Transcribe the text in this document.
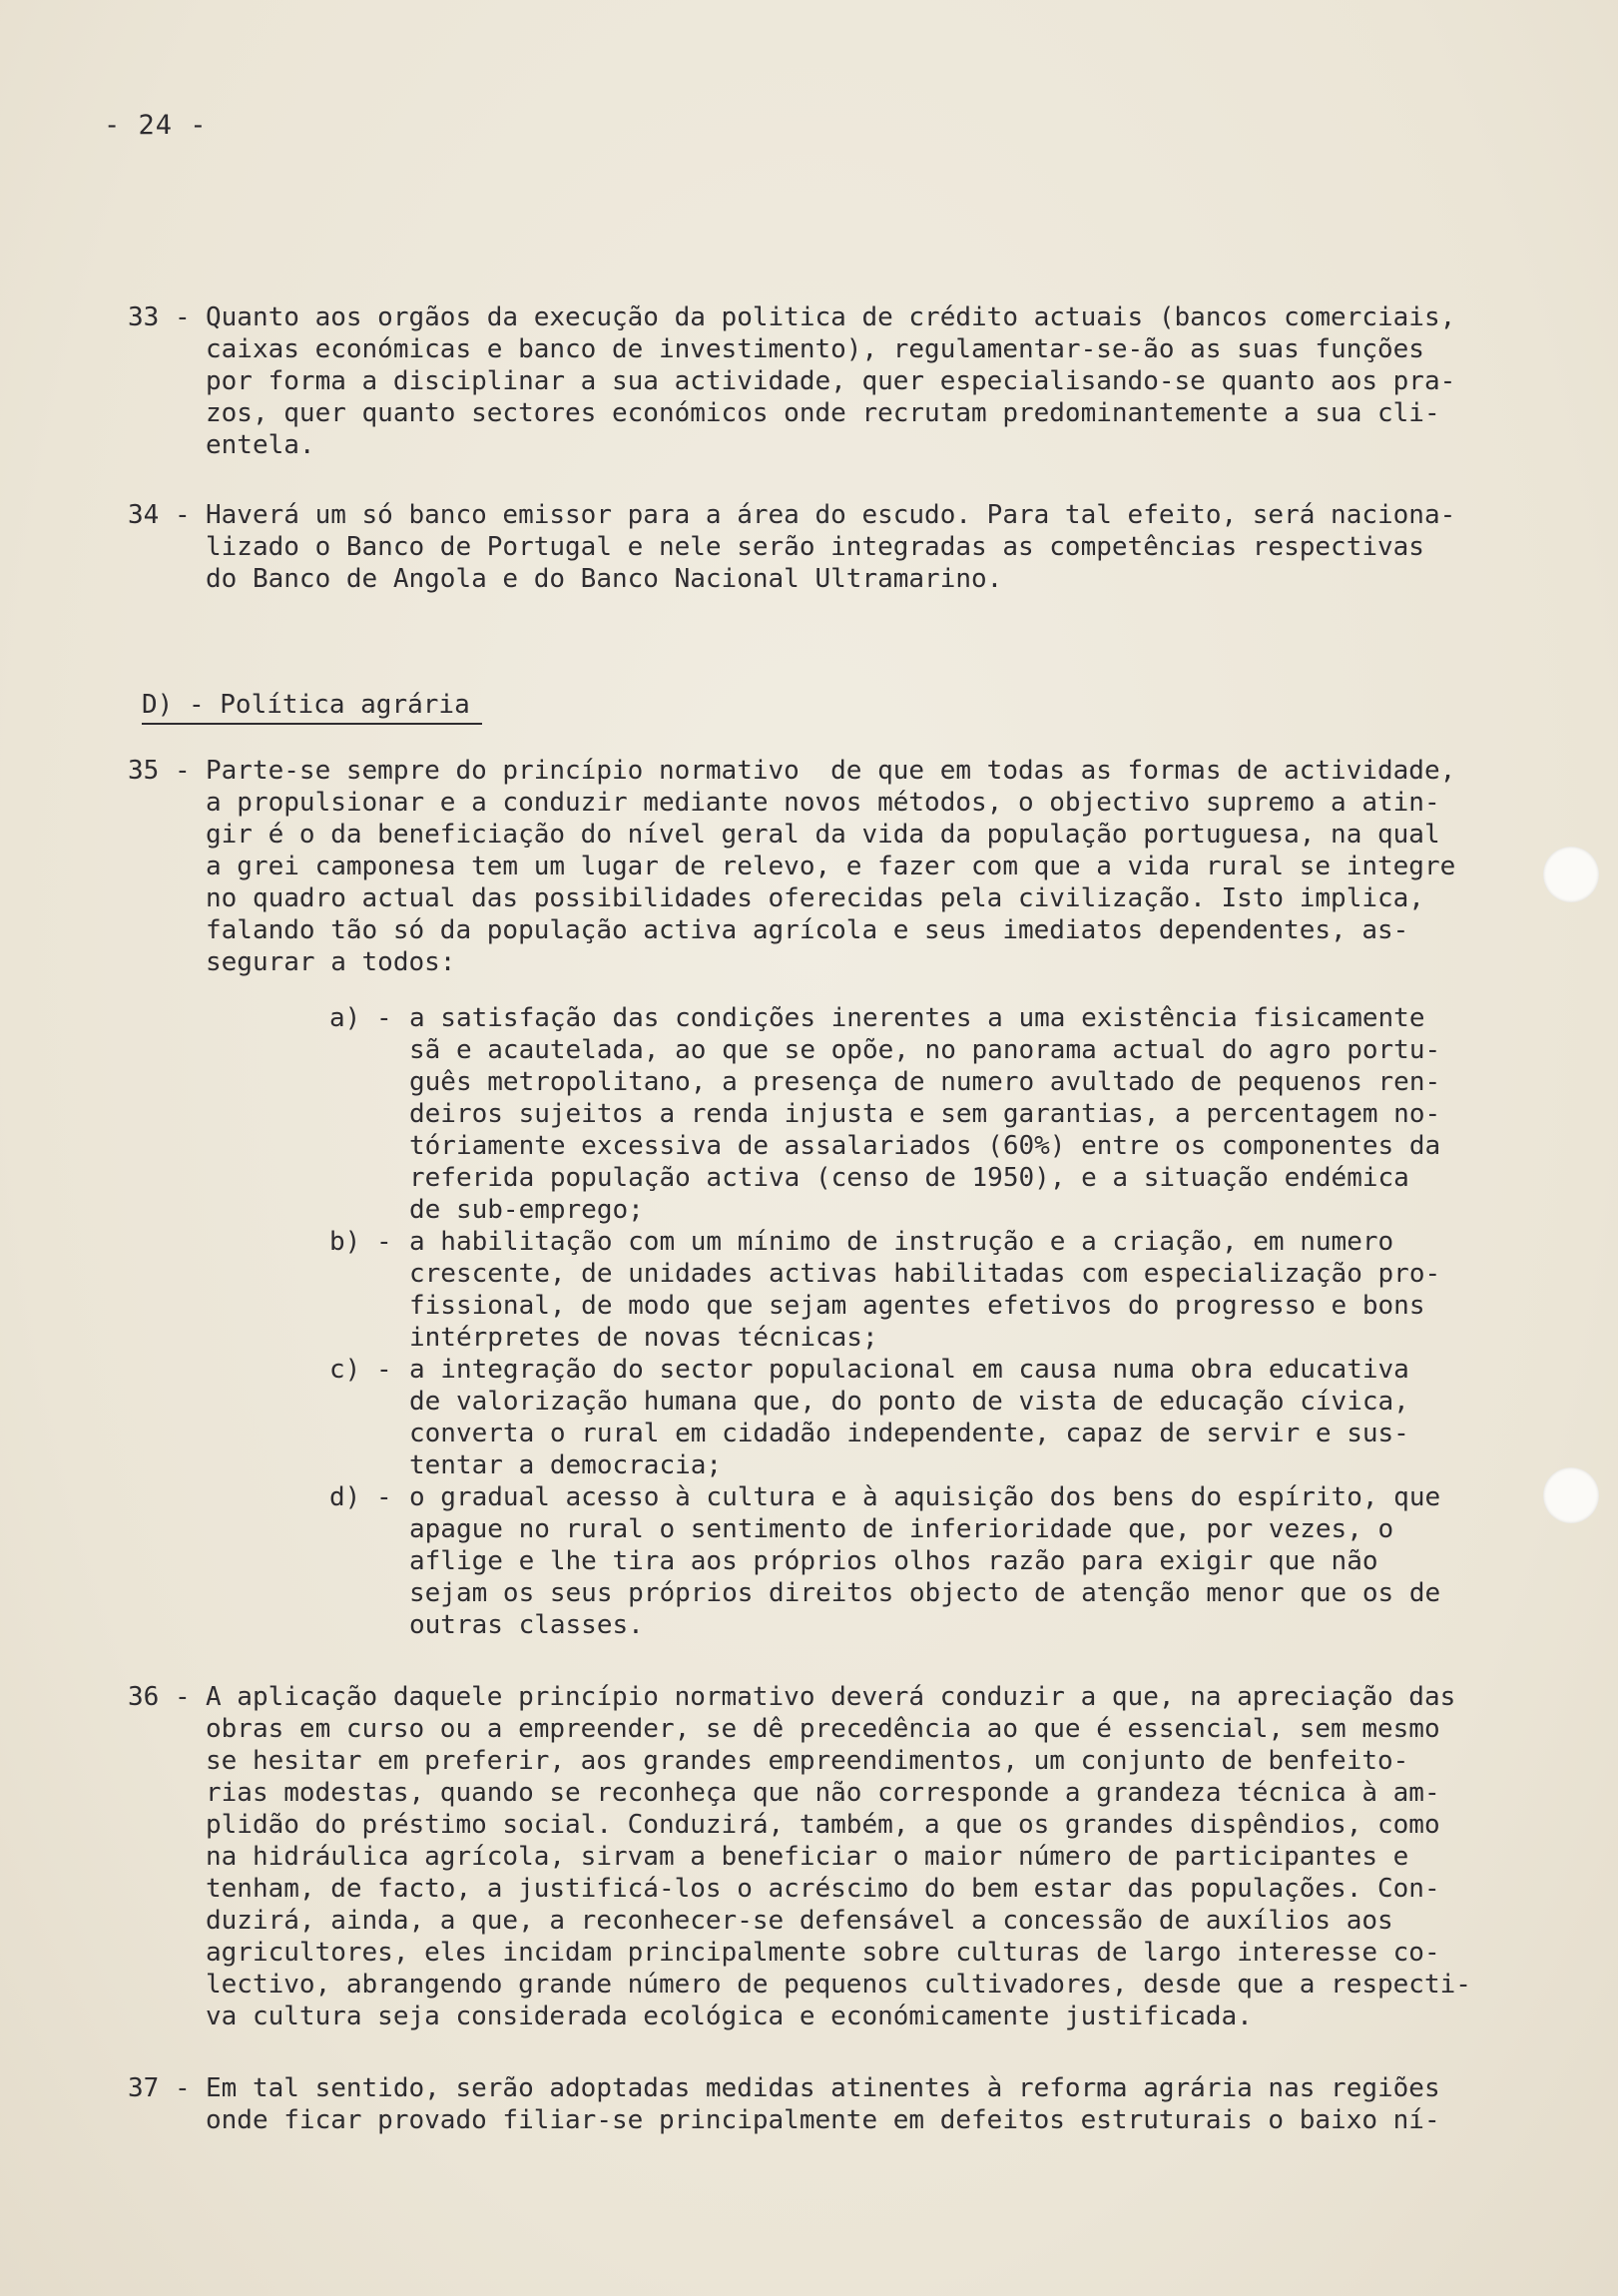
- 24 -
33 - Quanto aos orgãos da execução da politica de crédito actuais (bancos comerciais,
caixas económicas e banco de investimento), regulamentar-se-ão as suas funções
por forma a disciplinar a sua actividade, quer especialisando-se quanto aos pra-
zos, quer quanto sectores económicos onde recrutam predominantemente a sua cli-
entela.
34 - Haverá um só banco emissor para a área do escudo. Para tal efeito, será naciona-
lizado o Banco de Portugal e nele serão integradas as competências respectivas
do Banco de Angola e do Banco Nacional Ultramarino.
D) - Política agrária
35 - Parte-se sempre do princípio normativo  de que em todas as formas de actividade,
a propulsionar e a conduzir mediante novos métodos, o objectivo supremo a atin-
gir é o da beneficiação do nível geral da vida da população portuguesa, na qual
a grei camponesa tem um lugar de relevo, e fazer com que a vida rural se integre
no quadro actual das possibilidades oferecidas pela civilização. Isto implica,
falando tão só da população activa agrícola e seus imediatos dependentes, as-
segurar a todos:
a) - a satisfação das condições inerentes a uma existência fisicamente
sã e acautelada, ao que se opõe, no panorama actual do agro portu-
guês metropolitano, a presença de numero avultado de pequenos ren-
deiros sujeitos a renda injusta e sem garantias, a percentagem no-
tóriamente excessiva de assalariados (60%) entre os componentes da
referida população activa (censo de 1950), e a situação endémica
de sub-emprego;
b) - a habilitação com um mínimo de instrução e a criação, em numero
crescente, de unidades activas habilitadas com especialização pro-
fissional, de modo que sejam agentes efetivos do progresso e bons
intérpretes de novas técnicas;
c) - a integração do sector populacional em causa numa obra educativa
de valorização humana que, do ponto de vista de educação cívica,
converta o rural em cidadão independente, capaz de servir e sus-
tentar a democracia;
d) - o gradual acesso à cultura e à aquisição dos bens do espírito, que
apague no rural o sentimento de inferioridade que, por vezes, o
aflige e lhe tira aos próprios olhos razão para exigir que não
sejam os seus próprios direitos objecto de atenção menor que os de
outras classes.
36 - A aplicação daquele princípio normativo deverá conduzir a que, na apreciação das
obras em curso ou a empreender, se dê precedência ao que é essencial, sem mesmo
se hesitar em preferir, aos grandes empreendimentos, um conjunto de benfeito-
rias modestas, quando se reconheça que não corresponde a grandeza técnica à am-
plidão do préstimo social. Conduzirá, também, a que os grandes dispêndios, como
na hidráulica agrícola, sirvam a beneficiar o maior número de participantes e
tenham, de facto, a justificá-los o acréscimo do bem estar das populações. Con-
duzirá, ainda, a que, a reconhecer-se defensável a concessão de auxílios aos
agricultores, eles incidam principalmente sobre culturas de largo interesse co-
lectivo, abrangendo grande número de pequenos cultivadores, desde que a respecti-
va cultura seja considerada ecológica e económicamente justificada.
37 - Em tal sentido, serão adoptadas medidas atinentes à reforma agrária nas regiões
onde ficar provado filiar-se principalmente em defeitos estruturais o baixo ní-
